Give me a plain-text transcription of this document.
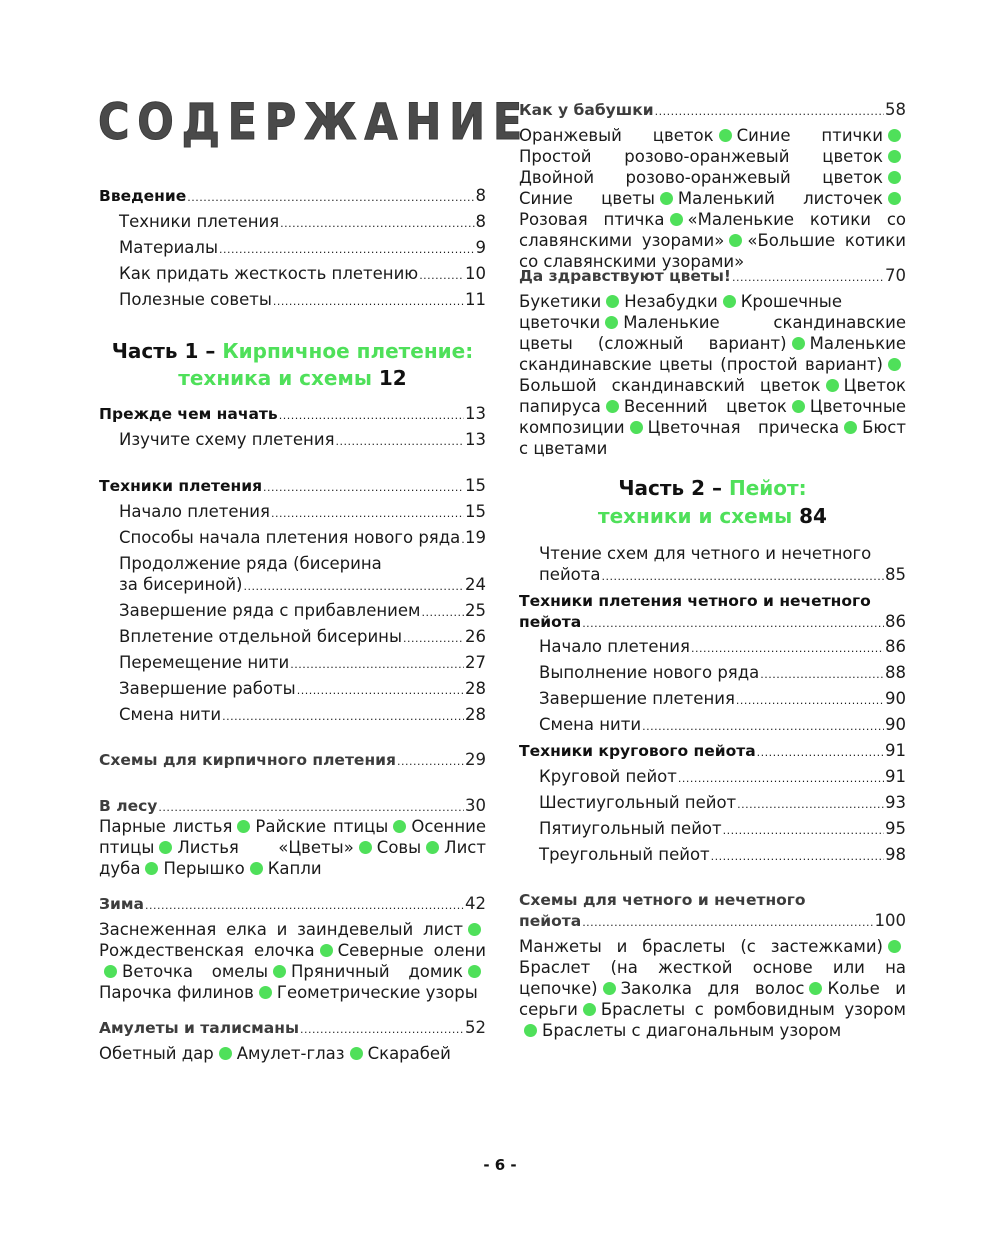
СОДЕРЖАНИЕ
Введение .....	8
Техники плетения .....	8
Материалы .....	9
Как придать жесткость плетению .....	10
Полезные советы .....	11
Часть 1 – Кирпичное плетение:
техника и схемы 12
Прежде чем начать .....	13
Изучите схему плетения .....	13
Техники плетения .....	15
Начало плетения .....	15
Способы начала плетения нового ряда ..... 19
Продолжение ряда (бисерина
за бисериной) .....	24
Завершение ряда с прибавлением .....	25
Вплетение отдельной бисерины .....	26
Перемещение нити .....	27
Завершение работы .....	28
Смена нити .....	28
Схемы для кирпичного плетения .....	29
В лесу .....	30
Парные листья Райские птицы Осенние птицы Листья «Цветы» Совы Лист дуба Перышко Капли
Зима .....	42
Заснеженная елка и заиндевелый листРождественская елочка Северные олениВеточка омелы Пряничный домикПарочка филинов Геометрические узоры
Амулеты и талисманы .....	52
Обетный дар Амулет-глаз Скарабей
Как у бабушки .....	58
Оранжевый цветок Синие птичкиПростой розово-оранжевый цветокДвойной розово-оранжевый цветокСиние цветы Маленький листочекРозовая птичка «Маленькие котики со славянскими узорами» «Большие котики со славянскими узорами»
Да здравствуют цветы! .....	70
Букетики Незабудки Крошечные цветочки Маленькие скандинавские цветы (сложный вариант) Маленькие скандинавские цветы (простой вариант)Большой скандинавский цветок Цветок папируса Весенний цветок Цветочные композиции Цветочная прическа Бюст с цветами
Часть 2 – Пейот:
техники и схемы 84
Чтение схем для четного и нечетного
пейота .....	85
Техники плетения четного и нечетного
пейота .....	86
Начало плетения .....	86
Выполнение нового ряда .....	88
Завершение плетения .....	90
Смена нити .....	90
Техники кругового пейота .....	91
Круговой пейот .....	91
Шестиугольный пейот .....	93
Пятиугольный пейот .....	95
Треугольный пейот .....	98
Схемы для четного и нечетного
пейота .....	100
Манжеты и браслеты (с застежками)Браслет (на жесткой основе или на цепочке) Заколка для волос Колье и серьги Браслеты с ромбовидным узоромБраслеты с диагональным узором
- 6 -
